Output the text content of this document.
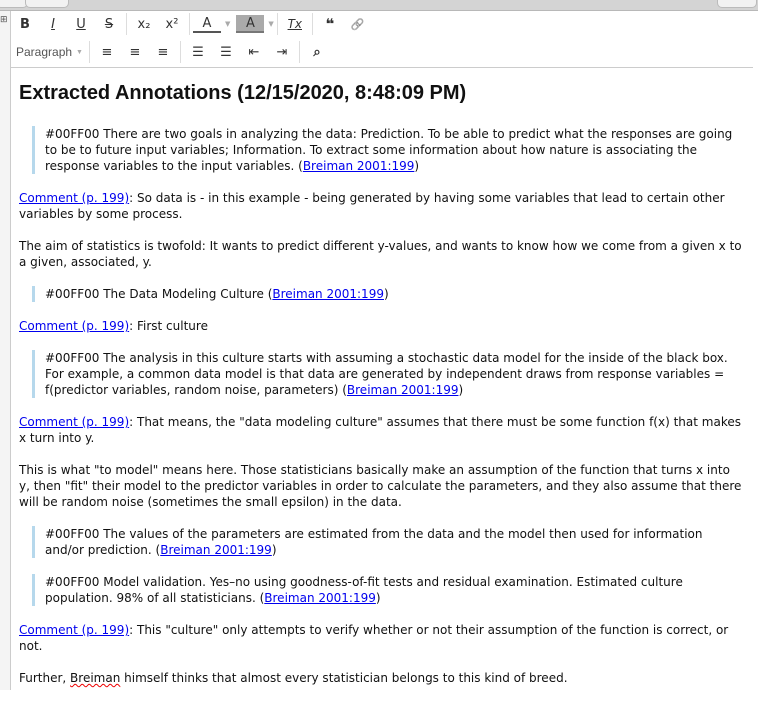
⊞ B	I	U	S	x₂	x²	A	▼	A	▼	Tx	❝	🔗
Paragraph ▼	≡	≡	≡	☰	☰	⇤	⇥	⌕
Extracted Annotations (12/15/2020, 8:48:09 PM)
#00FF00 There are two goals in analyzing the data: Prediction. To be able to predict what the responses are going to be to future input variables; Information. To extract some information about how nature is associating the response variables to the input variables. (Breiman 2001:199)

Comment (p. 199): So data is - in this example - being generated by having some variables that lead to certain other variables by some process.

The aim of statistics is twofold: It wants to predict different y-values, and wants to know how we come from a given x to a given, associated, y.

#00FF00 The Data Modeling Culture (Breiman 2001:199)

Comment (p. 199): First culture

#00FF00 The analysis in this culture starts with assuming a stochastic data model for the inside of the black box. For example, a common data model is that data are generated by independent draws from response variables = f(predictor variables, random noise, parameters) (Breiman 2001:199)

Comment (p. 199): That means, the "data modeling culture" assumes that there must be some function f(x) that makes x turn into y.

This is what "to model" means here. Those statisticians basically make an assumption of the function that turns x into y, then "fit" their model to the predictor variables in order to calculate the parameters, and they also assume that there will be random noise (sometimes the small epsilon) in the data.

#00FF00 The values of the parameters are estimated from the data and the model then used for information and/or prediction. (Breiman 2001:199)
#00FF00 Model validation. Yes–no using goodness-of-fit tests and residual examination. Estimated culture population. 98% of all statisticians. (Breiman 2001:199)

Comment (p. 199): This "culture" only attempts to verify whether or not their assumption of the function is correct, or not.

Further, Breiman himself thinks that almost every statistician belongs to this kind of breed.
